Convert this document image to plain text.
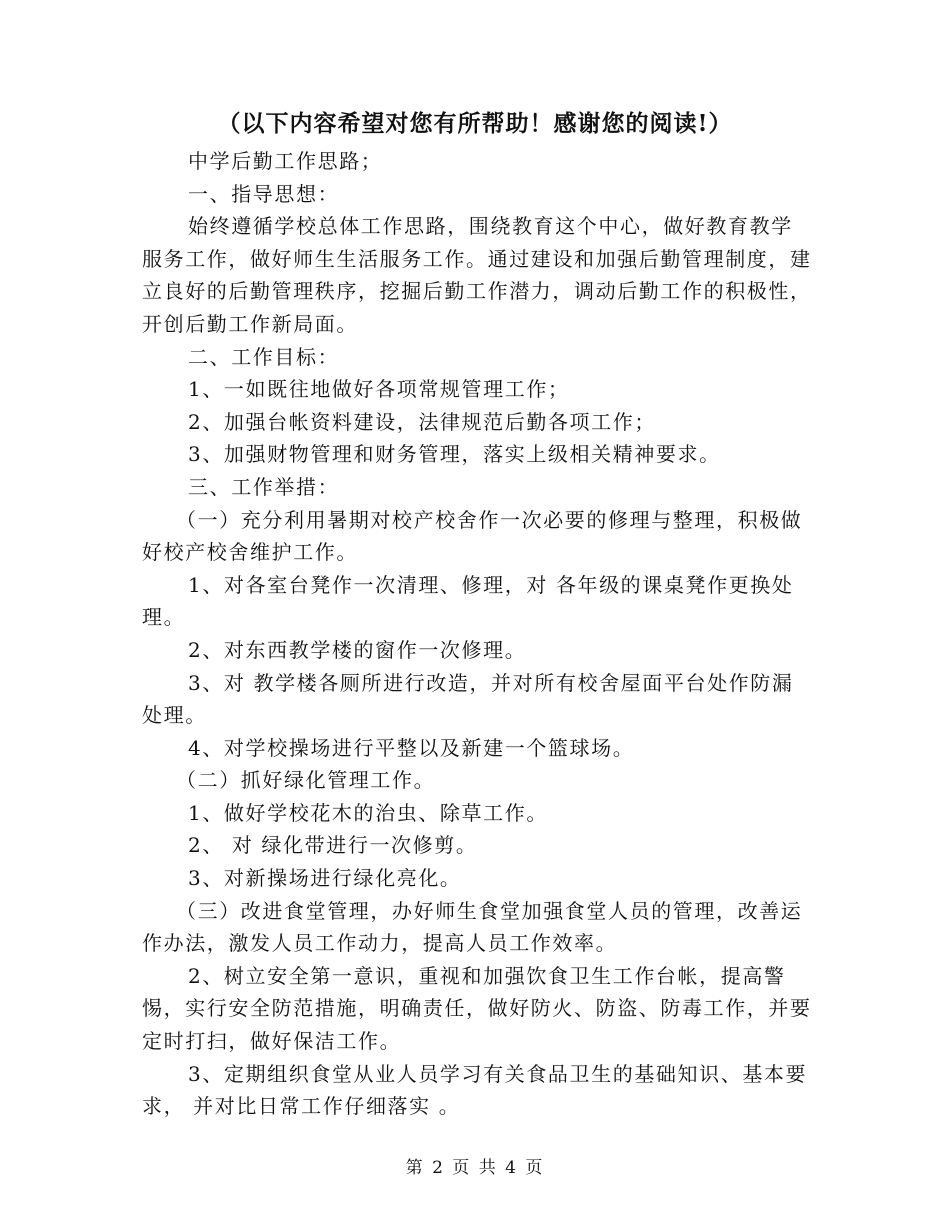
（以下内容希望对您有所帮助！感谢您的阅读!）

中学后勤工作思路；

一、指导思想：

始终遵循学校总体工作思路，围绕教育这个中心，做好教育教学服务工作，做好师生生活服务工作。通过建设和加强后勤管理制度，建立良好的后勤管理秩序，挖掘后勤工作潜力，调动后勤工作的积极性，开创后勤工作新局面。

二、工作目标：

1、一如既往地做好各项常规管理工作；

2、加强台帐资料建设，法律规范后勤各项工作；

3、加强财物管理和财务管理，落实上级相关精神要求。

三、工作举措：

（一）充分利用暑期对校产校舍作一次必要的修理与整理，积极做好校产校舍维护工作。

1、对各室台凳作一次清理、修理，对 各年级的课桌凳作更换处理。

2、对东西教学楼的窗作一次修理。

3、对 教学楼各厕所进行改造，并对所有校舍屋面平台处作防漏处理。

4、对学校操场进行平整以及新建一个篮球场。

（二）抓好绿化管理工作。

1、做好学校花木的治虫、除草工作。

2、 对 绿化带进行一次修剪。

3、对新操场进行绿化亮化。

（三）改进食堂管理，办好师生食堂加强食堂人员的管理，改善运作办法，激发人员工作动力，提高人员工作效率。

2、树立安全第一意识，重视和加强饮食卫生工作台帐，提高警惕，实行安全防范措施，明确责任，做好防火、防盗、防毒工作，并要定时打扫，做好保洁工作。

3、定期组织食堂从业人员学习有关食品卫生的基础知识、基本要求， 并对比日常工作仔细落实 。

第 2 页 共 4 页
